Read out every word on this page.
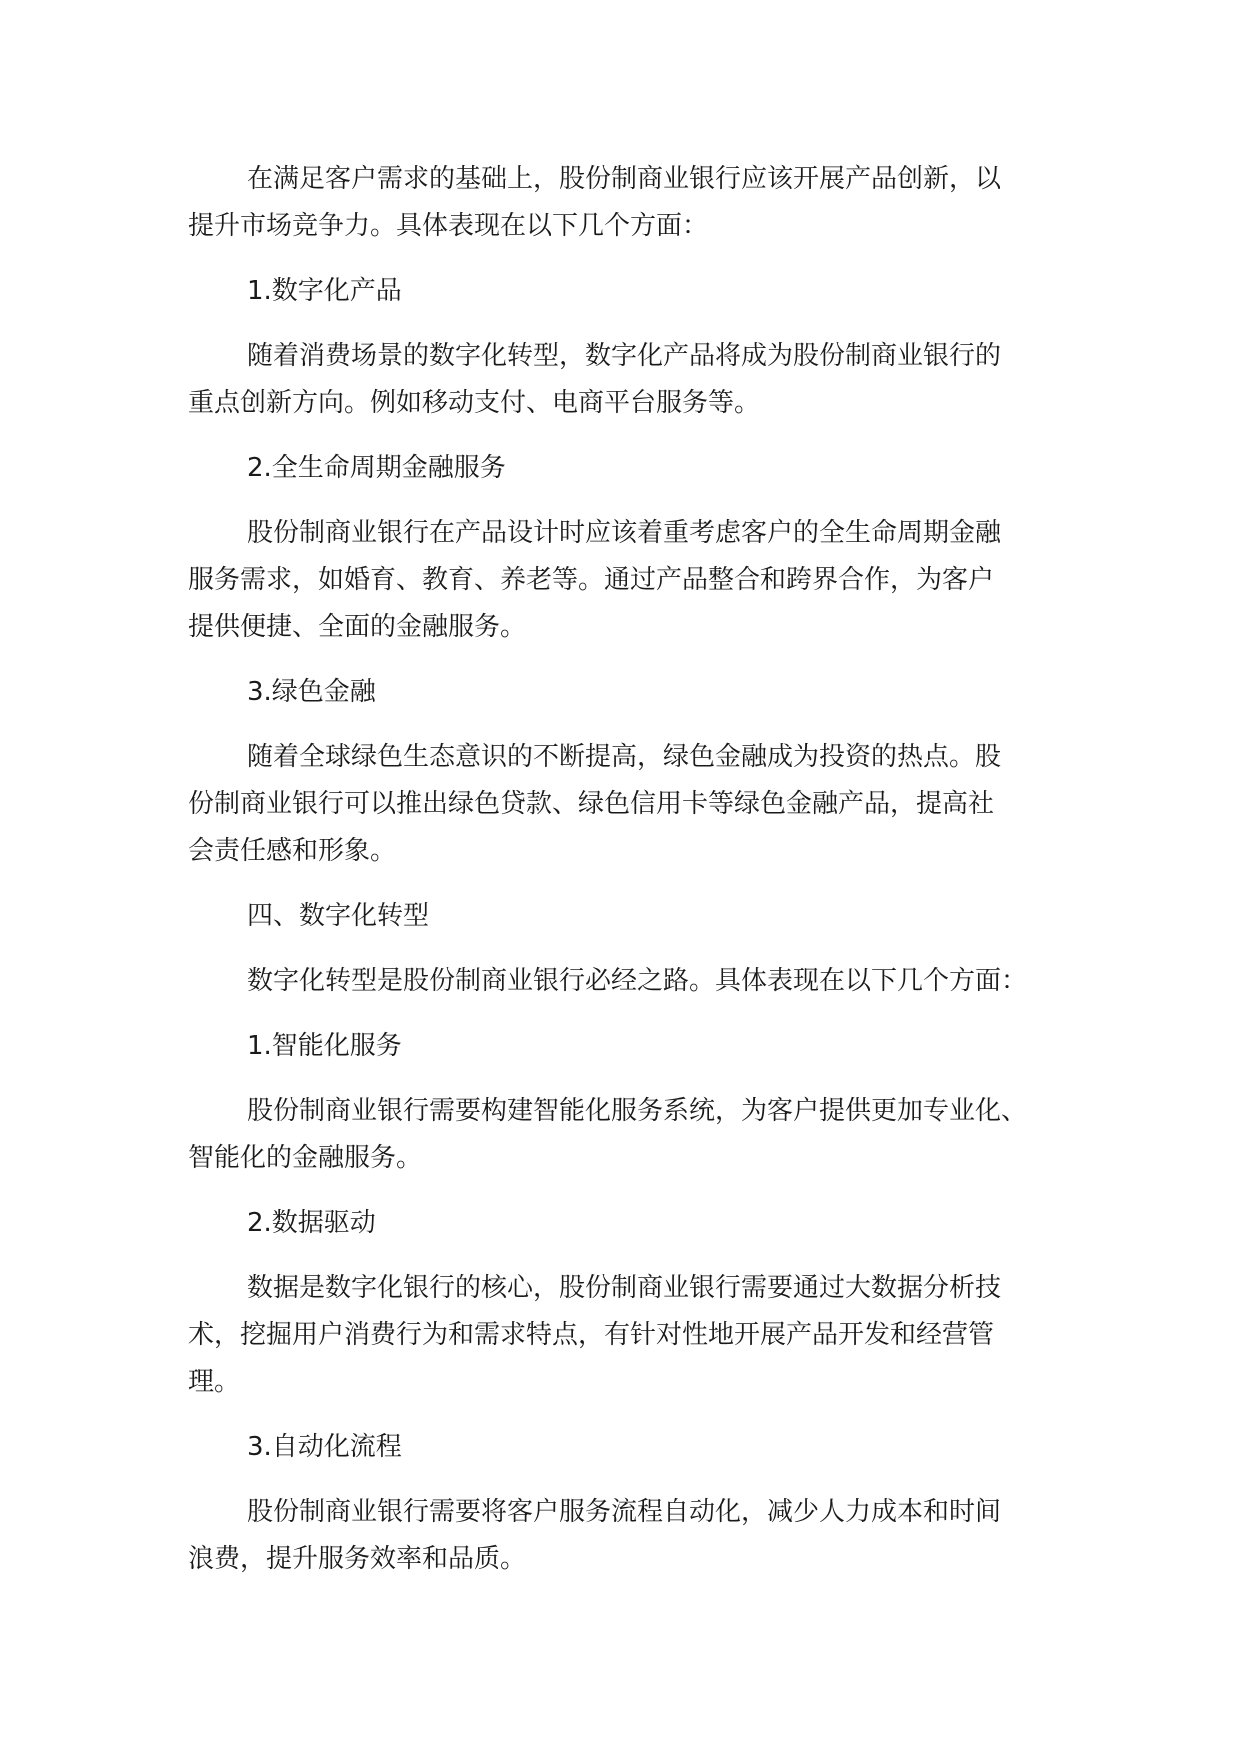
在满足客户需求的基础上，股份制商业银行应该开展产品创新，以
提升市场竞争力。具体表现在以下几个方面：

1.数字化产品

随着消费场景的数字化转型，数字化产品将成为股份制商业银行的
重点创新方向。例如移动支付、电商平台服务等。

2.全生命周期金融服务

股份制商业银行在产品设计时应该着重考虑客户的全生命周期金融
服务需求，如婚育、教育、养老等。通过产品整合和跨界合作，为客户
提供便捷、全面的金融服务。

3.绿色金融

随着全球绿色生态意识的不断提高，绿色金融成为投资的热点。股
份制商业银行可以推出绿色贷款、绿色信用卡等绿色金融产品，提高社
会责任感和形象。

四、数字化转型

数字化转型是股份制商业银行必经之路。具体表现在以下几个方面：

1.智能化服务

股份制商业银行需要构建智能化服务系统，为客户提供更加专业化、
智能化的金融服务。

2.数据驱动

数据是数字化银行的核心，股份制商业银行需要通过大数据分析技
术，挖掘用户消费行为和需求特点，有针对性地开展产品开发和经营管
理。

3.自动化流程

股份制商业银行需要将客户服务流程自动化，减少人力成本和时间
浪费，提升服务效率和品质。
